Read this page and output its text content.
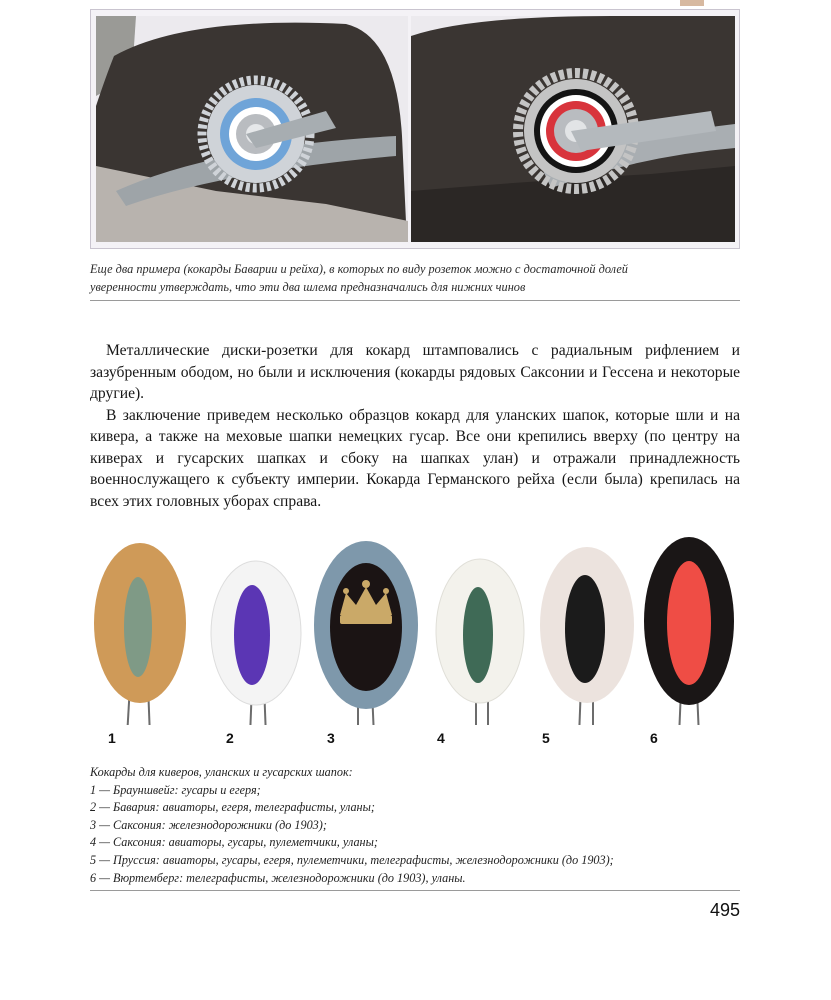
Еще два примера (кокарды Баварии и рейха), в которых по виду розеток можно с достаточной долей
уверенности утверждать, что эти два шлема предназначались для нижних чинов

Металлические диски-розетки для кокард штамповались с радиальным рифлением и зазубренным ободом, но были и исключения (кокарды рядовых Саксонии и Гессена и некоторые другие).

В заключение приведем несколько образцов кокард для уланских шапок, которые шли и на кивера, а также на меховые шапки немецких гусар. Все они крепились вверху (по центру на киверах и гусарских шапках и сбоку на шапках улан) и отражали принадлежность военнослужащего к субъекту империи. Кокарда Германского рейха (если была) крепилась на всех этих головных уборах справа.

1	2	3	4	5	6
Кокарды для киверов, уланских и гусарских шапок:
1 — Брауншвейг: гусары и егеря;
2 — Бавария: авиаторы, егеря, телеграфисты, уланы;
3 — Саксония: железнодорожники (до 1903);
4 — Саксония: авиаторы, гусары, пулеметчики, уланы;
5 — Пруссия: авиаторы, гусары, егеря, пулеметчики, телеграфисты, железнодорожники (до 1903);
6 — Вюртемберг: телеграфисты, железнодорожники (до 1903), уланы.
495
